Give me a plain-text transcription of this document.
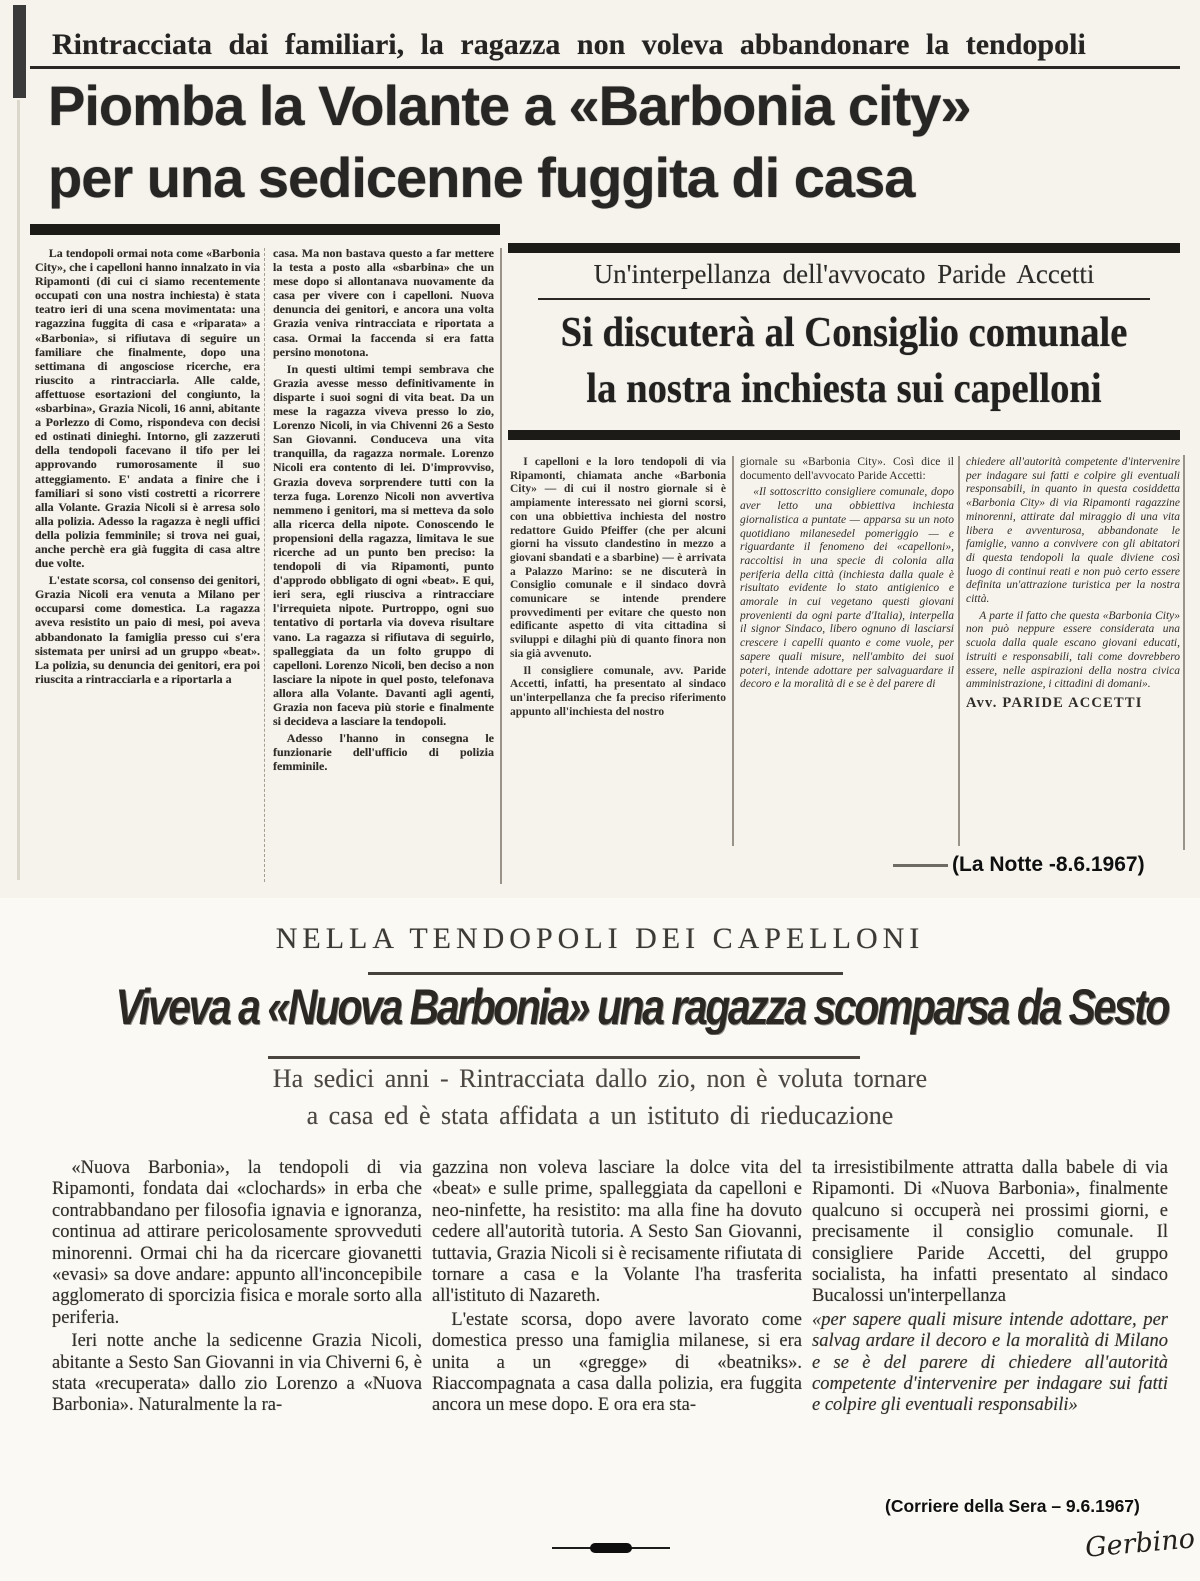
Rintracciata dai familiari, la ragazza non voleva abbandonare la tendopoli
Piomba la Volante a «Barbonia city»
per una sedicenne fuggita di casa

La tendopoli ormai nota come «Barbonia City», che i capelloni hanno innalzato in via Ripamonti (di cui ci siamo recentemente occupati con una nostra inchiesta) è stata teatro ieri di una scena movimentata: una ragazzina fuggita di casa e «riparata» a «Barbonia», si rifiutava di seguire un familiare che finalmente, dopo una settimana di angosciose ricerche, era riuscito a rintracciarla. Alle calde, affettuose esortazioni del congiunto, la «sbarbina», Grazia Nicoli, 16 anni, abitante a Porlezzo di Como, rispondeva con decisi ed ostinati dinieghi. Intorno, gli zazzeruti della tendopoli facevano il tifo per lei approvando rumorosamente il suo atteggiamento. E' andata a finire che i familiari si sono visti costretti a ricorrere alla Volante. Grazia Nicoli si è arresa solo alla polizia. Adesso la ragazza è negli uffici della polizia femminile; si trova nei guai, anche perchè era già fuggita di casa altre due volte.

L'estate scorsa, col consenso dei genitori, Grazia Nicoli era venuta a Milano per occuparsi come domestica. La ragazza aveva resistito un paio di mesi, poi aveva abbandonato la famiglia presso cui s'era sistemata per unirsi ad un gruppo «beat». La polizia, su denuncia dei genitori, era poi riuscita a rintracciarla e a riportarla a

casa. Ma non bastava questo a far mettere la testa a posto alla «sbarbina» che un mese dopo si allontanava nuovamente da casa per vivere con i capelloni. Nuova denuncia dei genitori, e ancora una volta Grazia veniva rintracciata e riportata a casa. Ormai la faccenda si era fatta persino monotona.

In questi ultimi tempi sembrava che Grazia avesse messo definitivamente in disparte i suoi sogni di vita beat. Da un mese la ragazza viveva presso lo zio, Lorenzo Nicoli, in via Chivenni 26 a Sesto San Giovanni. Conduceva una vita tranquilla, da ragazza normale. Lorenzo Nicoli era contento di lei. D'improvviso, Grazia doveva sorprendere tutti con la terza fuga. Lorenzo Nicoli non avvertiva nemmeno i genitori, ma si metteva da solo alla ricerca della nipote. Conoscendo le propensioni della ragazza, limitava le sue ricerche ad un punto ben preciso: la tendopoli di via Ripamonti, punto d'approdo obbligato di ogni «beat». E qui, ieri sera, egli riusciva a rintracciare l'irrequieta nipote. Purtroppo, ogni suo tentativo di portarla via doveva risultare vano. La ragazza si rifiutava di seguirlo, spalleggiata da un folto gruppo di capelloni. Lorenzo Nicoli, ben deciso a non lasciare la nipote in quel posto, telefonava allora alla Volante. Davanti agli agenti, Grazia non faceva più storie e finalmente si decideva a lasciare la tendopoli.

Adesso l'hanno in consegna le funzionarie dell'ufficio di polizia femminile.

Un'interpellanza dell'avvocato Paride Accetti
Si discuterà al Consiglio comunale
la nostra inchiesta sui capelloni

I capelloni e la loro tendopoli di via Ripamonti, chiamata anche «Barbonia City» — di cui il nostro giornale si è ampiamente interessato nei giorni scorsi, con una obbiettiva inchiesta del nostro redattore Guido Pfeiffer (che per alcuni giorni ha vissuto clandestino in mezzo a giovani sbandati e a sbarbine) — è arrivata a Palazzo Marino: se ne discuterà in Consiglio comunale e il sindaco dovrà comunicare se intende prendere provvedimenti per evitare che questo non edificante aspetto di vita cittadina si sviluppi e dilaghi più di quanto finora non sia già avvenuto.

Il consigliere comunale, avv. Paride Accetti, infatti, ha presentato al sindaco un'interpellanza che fa preciso riferimento appunto all'inchiesta del nostro

giornale su «Barbonia City». Così dice il documento dell'avvocato Paride Accetti:

«Il sottoscritto consigliere comunale, dopo aver letto una obbiettiva inchiesta giornalistica a puntate — apparsa su un noto quotidiano milanesedel pomeriggio — e riguardante il fenomeno dei «capelloni», raccoltisi in una specie di colonia alla periferia della città (inchiesta dalla quale è risultato evidente lo stato antigienico e amorale in cui vegetano questi giovani provenienti da ogni parte d'Italia), interpella il signor Sindaco, libero ognuno di lasciarsi crescere i capelli quanto e come vuole, per sapere quali misure, nell'ambito dei suoi poteri, intende adottare per salvaguardare il decoro e la moralità di e se è del parere di

chiedere all'autorità competente d'intervenire per indagare sui fatti e colpire gli eventuali responsabili, in quanto in questa cosiddetta «Barbonia City» di via Ripamonti ragazzine minorenni, attirate dal miraggio di una vita libera e avventurosa, abbandonate le famiglie, vanno a convivere con gli abitatori di questa tendopoli la quale diviene così luogo di continui reati e non può certo essere definita un'attrazione turistica per la nostra città.

A parte il fatto che questa «Barbonia City» non può neppure essere considerata una scuola dalla quale escano giovani educati, istruiti e responsabili, tali come dovrebbero essere, nelle aspirazioni della nostra civica amministrazione, i cittadini di domani».

Avv. PARIDE ACCETTI

(La Notte -8.6.1967)
NELLA TENDOPOLI DEI CAPELLONI
Viveva a «Nuova Barbonia» una ragazza scomparsa da Sesto
Ha sedici anni - Rintracciata dallo zio, non è voluta tornare
a casa ed è stata affidata a un istituto di rieducazione

«Nuova Barbonia», la tendopoli di via Ripamonti, fondata dai «clochards» in erba che contrabbandano per filosofia ignavia e ignoranza, continua ad attirare pericolosamente sprovveduti minorenni. Ormai chi ha da ricercare giovanetti «evasi» sa dove andare: appunto all'inconcepibile agglomerato di sporcizia fisica e morale sorto alla periferia.

Ieri notte anche la sedicenne Grazia Nicoli, abitante a Sesto San Giovanni in via Chiverni 6, è stata «recuperata» dallo zio Lorenzo a «Nuova Barbonia». Naturalmente la ra-

gazzina non voleva lasciare la dolce vita del «beat» e sulle prime, spalleggiata da capelloni e neo-ninfette, ha resistito: ma alla fine ha dovuto cedere all'autorità tutoria. A Sesto San Giovanni, tuttavia, Grazia Nicoli si è recisamente rifiutata di tornare a casa e la Volante l'ha trasferita all'istituto di Nazareth.

L'estate scorsa, dopo avere lavorato come domestica presso una famiglia milanese, si era unita a un «gregge» di «beatniks». Riaccompagnata a casa dalla polizia, era fuggita ancora un mese dopo. E ora era sta-

ta irresistibilmente attratta dalla babele di via Ripamonti. Di «Nuova Barbonia», finalmente qualcuno si occuperà nei prossimi giorni, e precisamente il consiglio comunale. Il consigliere Paride Accetti, del gruppo socialista, ha infatti presentato al sindaco Bucalossi un'interpellanza

«per sapere quali misure intende adottare, per salvag ardare il decoro e la moralità di Milano e se è del parere di chiedere all'autorità competente d'intervenire per indagare sui fatti e colpire gli eventuali responsabili»

(Corriere della Sera – 9.6.1967)
Gerbino
